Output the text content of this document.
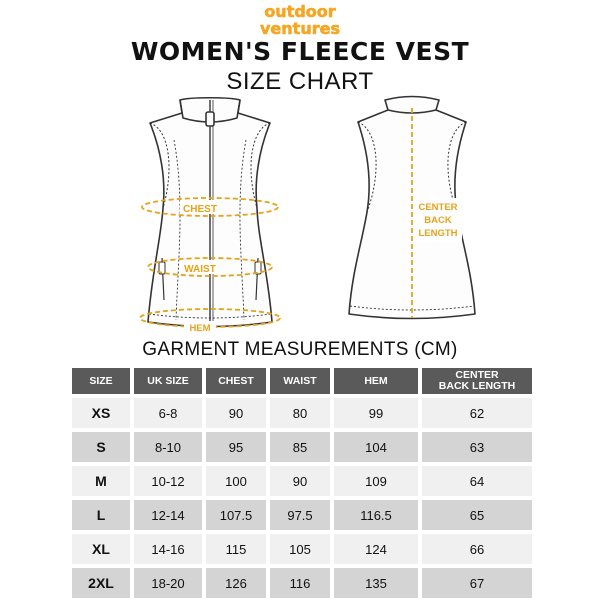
outdoor
ventures
WOMEN'S FLEECE VEST
SIZE CHART
CHEST
WAIST
HEM
CENTER
BACK
LENGTH
GARMENT MEASUREMENTS (CM)
SIZE	UK SIZE	CHEST	WAIST	HEM	CENTER
BACK LENGTH
XS	6-8	90	80	99	62
S	8-10	95	85	104	63
M	10-12	100	90	109	64
L	12-14	107.5	97.5	116.5	65
XL	14-16	115	105	124	66
2XL	18-20	126	116	135	67
